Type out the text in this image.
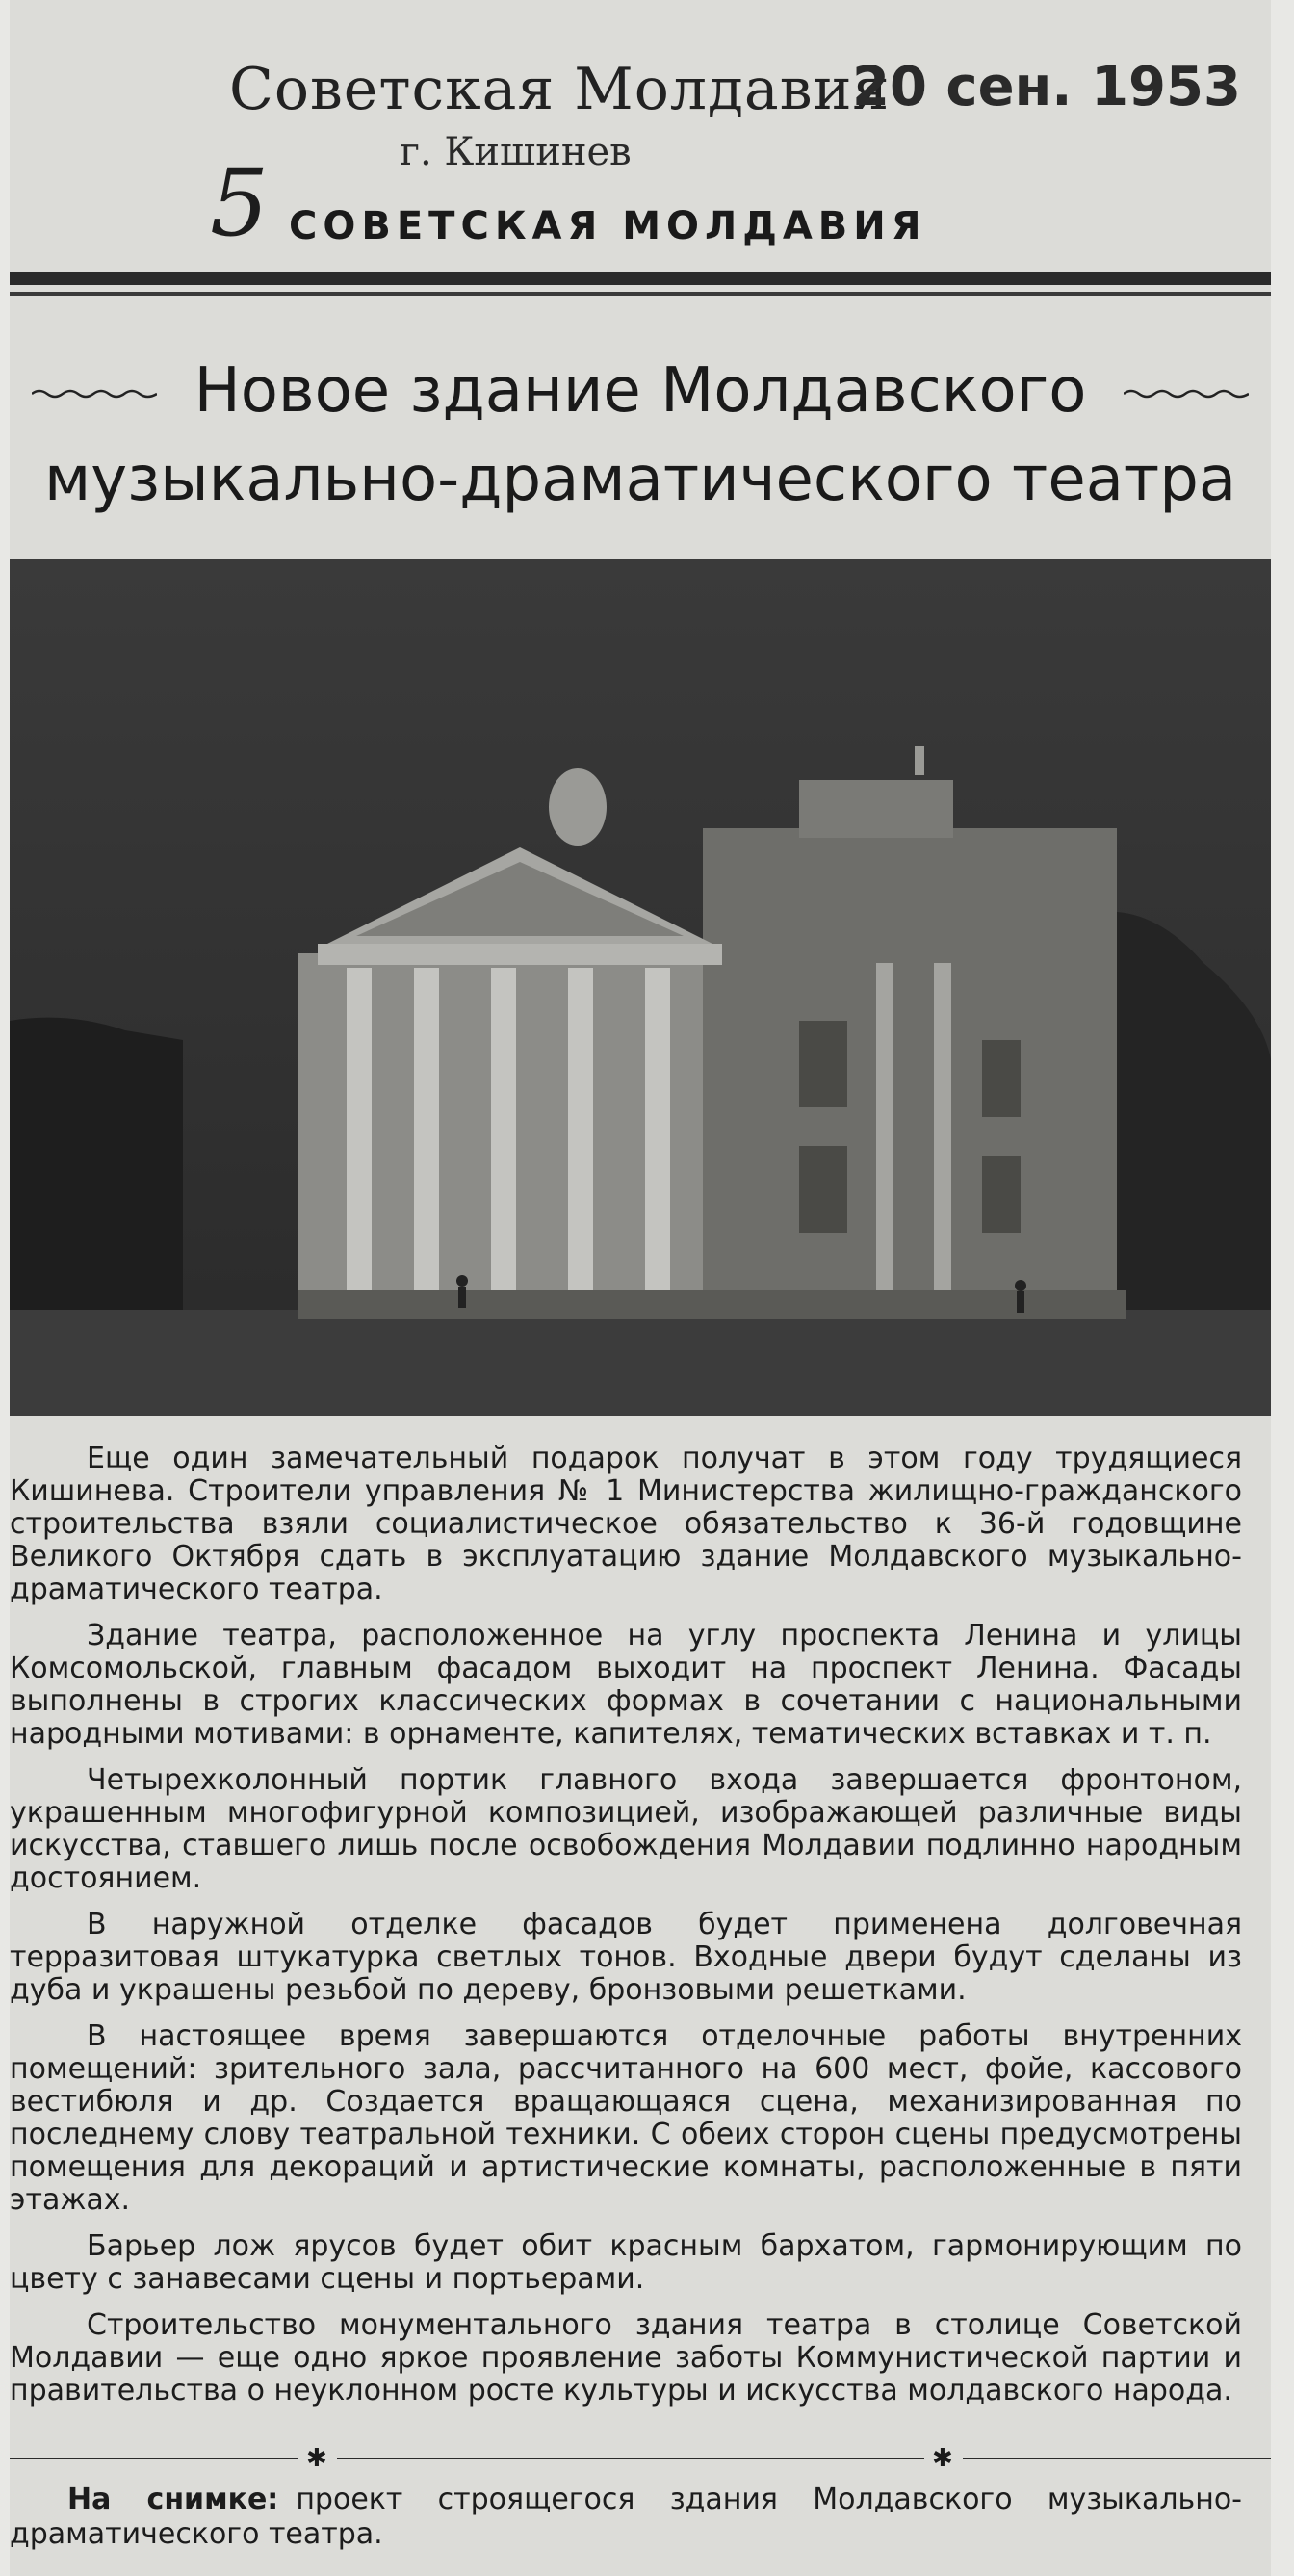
Советская Молдавия
20 сен. 1953
г. Кишинев
5 СОВЕТСКАЯ МОЛДАВИЯ
Новое здание Молдавского
музыкально-драматического театра

Еще один замечательный подарок получат в этом году трудящиеся Кишинева. Строители управления № 1 Министерства жилищно-гражданского строительства взяли социалистическое обязательство к 36-й годовщине Великого Октября сдать в эксплуатацию здание Молдавского музыкально-драматического театра.

Здание театра, расположенное на углу проспекта Ленина и улицы Комсомольской, главным фасадом выходит на проспект Ленина. Фасады выполнены в строгих классических формах в сочетании с национальными народными мотивами: в орнаменте, капителях, тематических вставках и т. п.

Четырехколонный портик главного входа завершается фронтоном, украшенным многофигурной композицией, изображающей различные виды искусства, ставшего лишь после освобождения Молдавии подлинно народным достоянием.

В наружной отделке фасадов будет применена долговечная терразитовая штукатурка светлых тонов. Входные двери будут сделаны из дуба и украшены резьбой по дереву, бронзовыми решетками.

В настоящее время завершаются отделочные работы внутренних помещений: зрительного зала, рассчитанного на 600 мест, фойе, кассового вестибюля и др. Создается вращающаяся сцена, механизированная по последнему слову театральной техники. С обеих сторон сцены предусмотрены помещения для декораций и артистические комнаты, расположенные в пяти этажах.

Барьер лож ярусов будет обит красным бархатом, гармонирующим по цвету с занавесами сцены и портьерами.

Строительство монументального здания театра в столице Советской Молдавии — еще одно яркое проявление заботы Коммунистической партии и правительства о неуклонном росте культуры и искусства молдавского народа.

✱	✱
На снимке: проект строящегося здания Молдавского музыкально-драматического театра.
